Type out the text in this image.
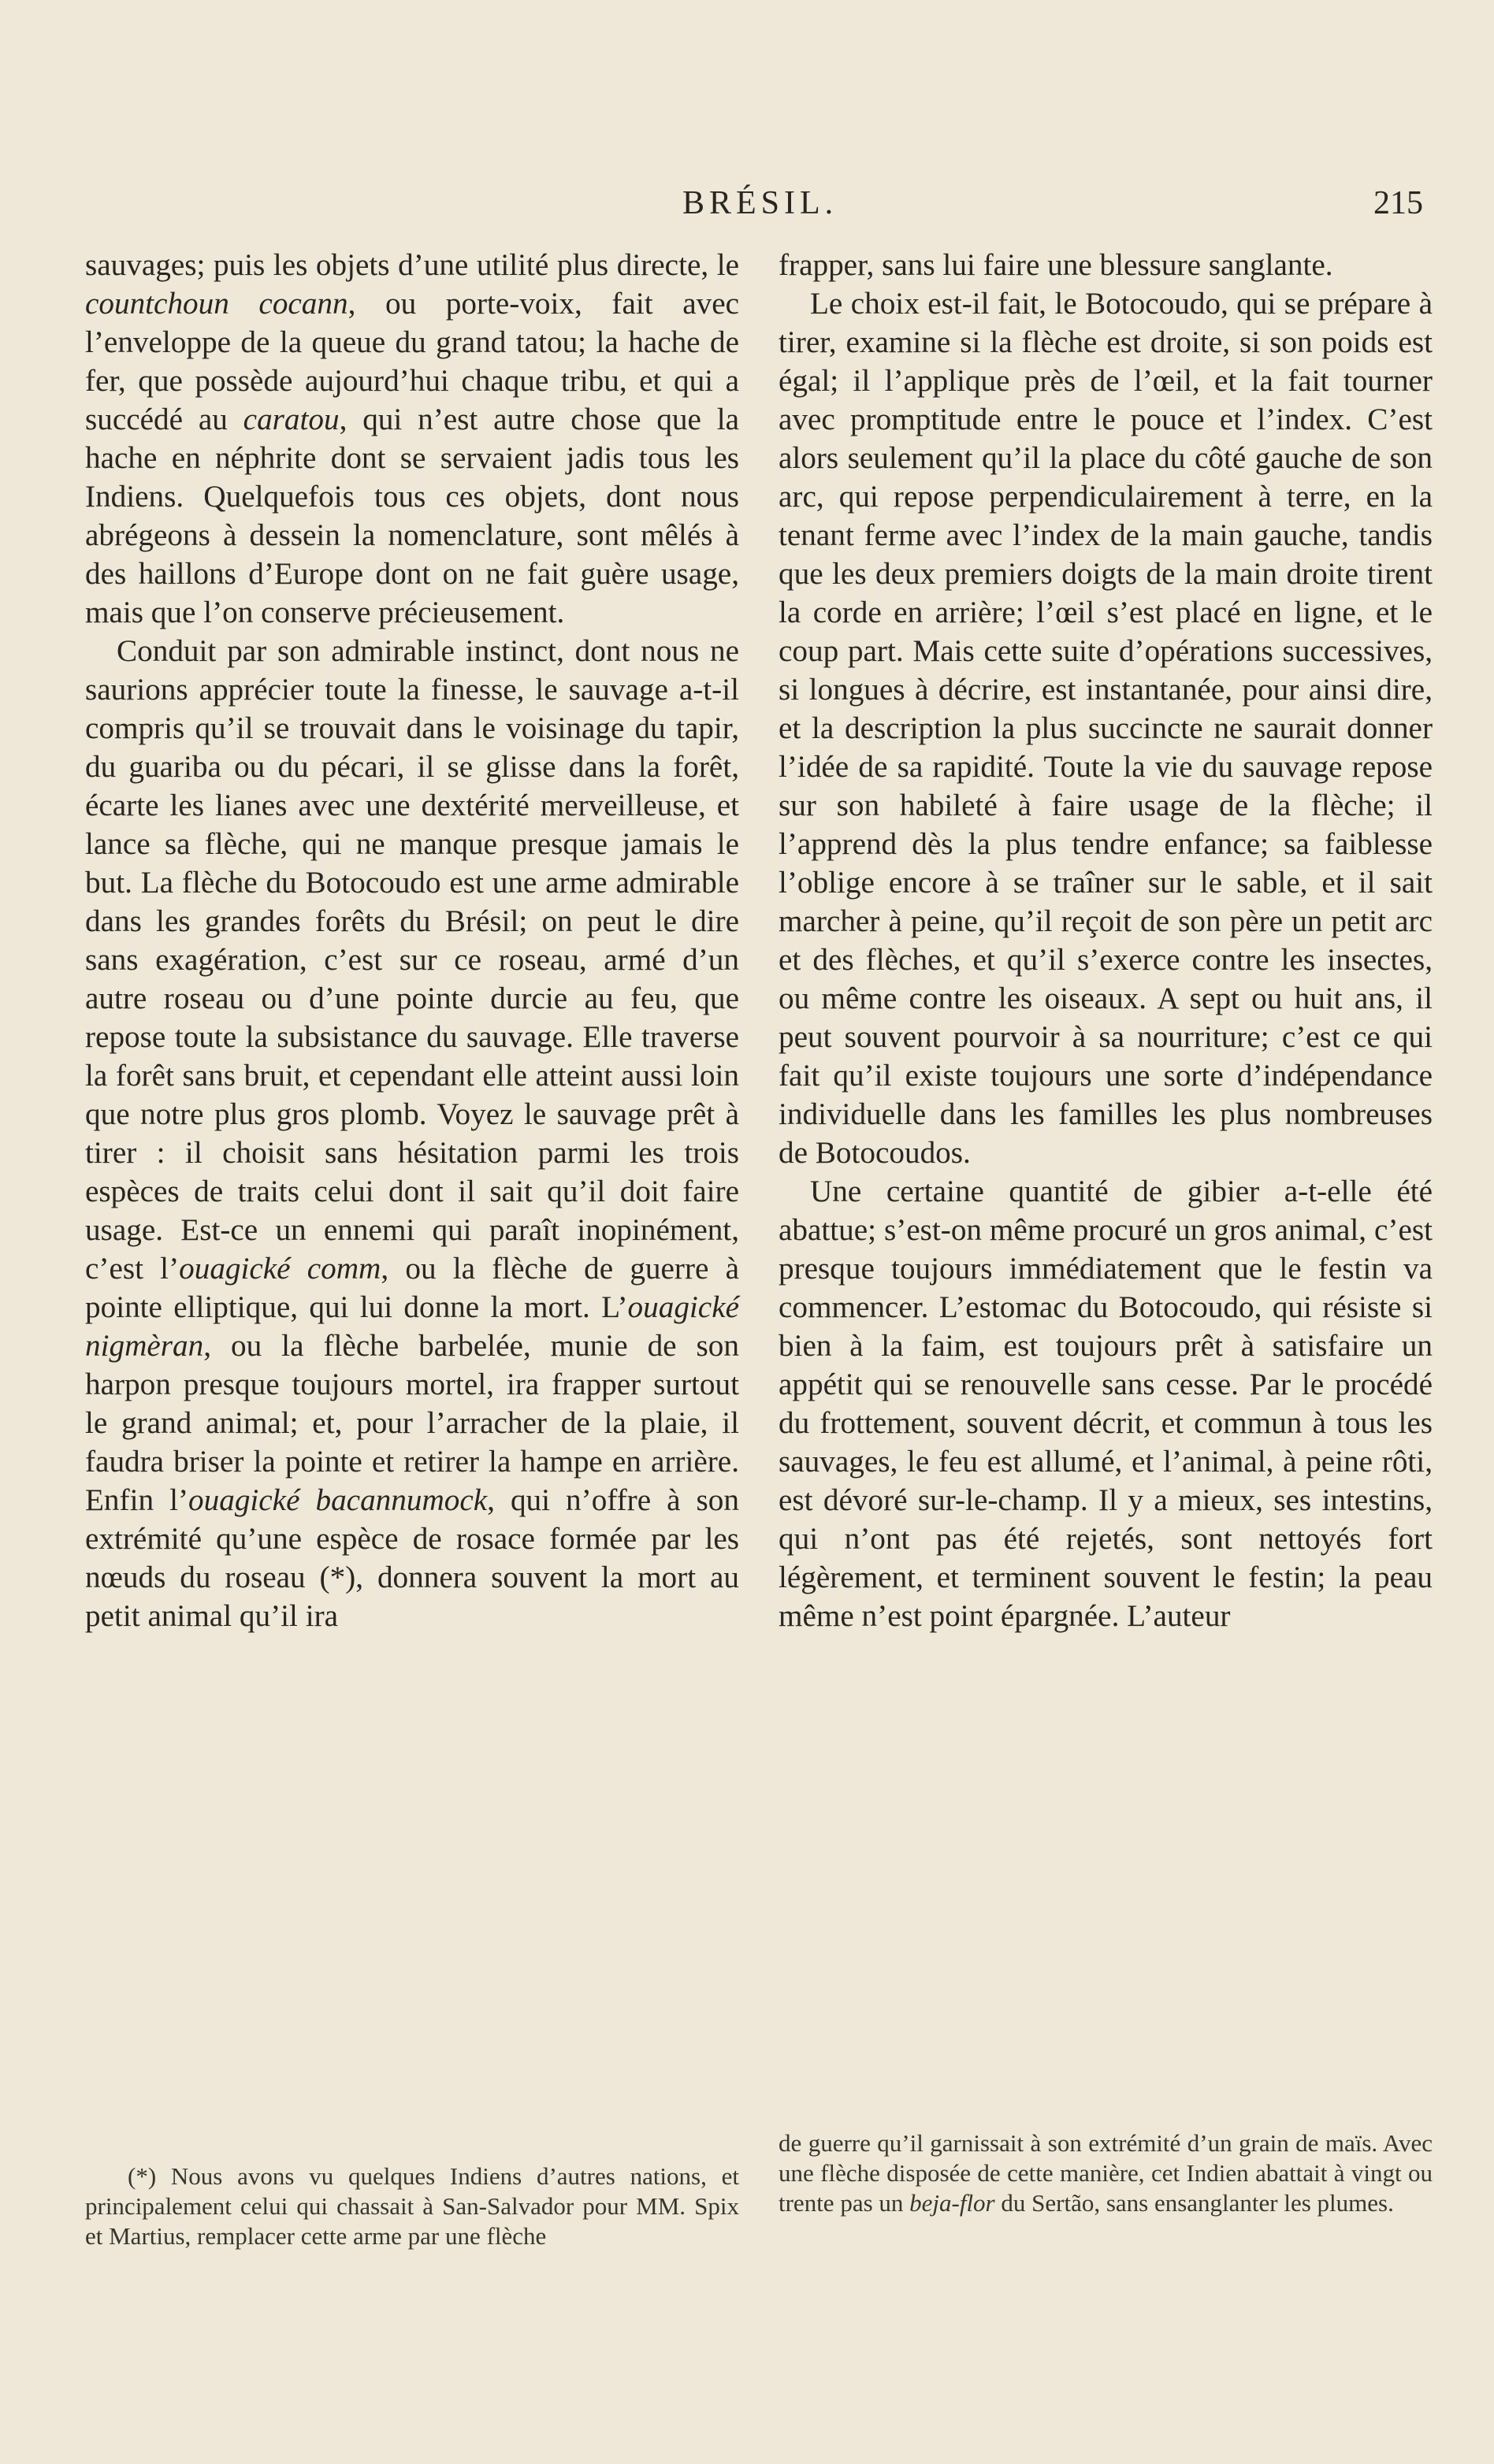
BRÉSIL.	215

sauvages; puis les objets d’une utilité plus directe, le countchoun cocann, ou porte-voix, fait avec l’enveloppe de la queue du grand tatou; la hache de fer, que possède aujourd’hui chaque tribu, et qui a succédé au caratou, qui n’est autre chose que la hache en néphrite dont se servaient jadis tous les Indiens. Quelquefois tous ces objets, dont nous abrégeons à dessein la nomenclature, sont mêlés à des haillons d’Europe dont on ne fait guère usage, mais que l’on conserve précieusement.

Conduit par son admirable instinct, dont nous ne saurions apprécier toute la finesse, le sauvage a-t-il compris qu’il se trouvait dans le voisinage du tapir, du guariba ou du pécari, il se glisse dans la forêt, écarte les lianes avec une dextérité merveilleuse, et lance sa flèche, qui ne manque presque jamais le but. La flèche du Botocoudo est une arme admirable dans les grandes forêts du Brésil; on peut le dire sans exagération, c’est sur ce roseau, armé d’un autre roseau ou d’une pointe durcie au feu, que repose toute la subsistance du sauvage. Elle traverse la forêt sans bruit, et cependant elle atteint aussi loin que notre plus gros plomb. Voyez le sauvage prêt à tirer : il choisit sans hésitation parmi les trois espèces de traits celui dont il sait qu’il doit faire usage. Est-ce un ennemi qui paraît inopinément, c’est l’ouagické comm, ou la flèche de guerre à pointe elliptique, qui lui donne la mort. L’ouagické nigmèran, ou la flèche barbelée, munie de son harpon presque toujours mortel, ira frapper surtout le grand animal; et, pour l’arracher de la plaie, il faudra briser la pointe et retirer la hampe en arrière. Enfin l’ouagické bacannumock, qui n’offre à son extrémité qu’une espèce de rosace formée par les nœuds du roseau (*), donnera souvent la mort au petit animal qu’il ira

frapper, sans lui faire une blessure sanglante.

Le choix est-il fait, le Botocoudo, qui se prépare à tirer, examine si la flèche est droite, si son poids est égal; il l’applique près de l’œil, et la fait tourner avec promptitude entre le pouce et l’index. C’est alors seulement qu’il la place du côté gauche de son arc, qui repose perpendiculairement à terre, en la tenant ferme avec l’index de la main gauche, tandis que les deux premiers doigts de la main droite tirent la corde en arrière; l’œil s’est placé en ligne, et le coup part. Mais cette suite d’opérations successives, si longues à décrire, est instantanée, pour ainsi dire, et la description la plus succincte ne saurait donner l’idée de sa rapidité. Toute la vie du sauvage repose sur son habileté à faire usage de la flèche; il l’apprend dès la plus tendre enfance; sa faiblesse l’oblige encore à se traîner sur le sable, et il sait marcher à peine, qu’il reçoit de son père un petit arc et des flèches, et qu’il s’exerce contre les insectes, ou même contre les oiseaux. A sept ou huit ans, il peut souvent pourvoir à sa nourriture; c’est ce qui fait qu’il existe toujours une sorte d’indépendance individuelle dans les familles les plus nombreuses de Botocoudos.

Une certaine quantité de gibier a-t-elle été abattue; s’est-on même procuré un gros animal, c’est presque toujours immédiatement que le festin va commencer. L’estomac du Botocoudo, qui résiste si bien à la faim, est toujours prêt à satisfaire un appétit qui se renouvelle sans cesse. Par le procédé du frottement, souvent décrit, et commun à tous les sauvages, le feu est allumé, et l’animal, à peine rôti, est dévoré sur-le-champ. Il y a mieux, ses intestins, qui n’ont pas été rejetés, sont nettoyés fort légèrement, et terminent souvent le festin; la peau même n’est point épargnée. L’auteur

(*) Nous avons vu quelques Indiens d’autres nations, et principalement celui qui chassait à San-Salvador pour MM. Spix et Martius, remplacer cette arme par une flèche

de guerre qu’il garnissait à son extrémité d’un grain de maïs. Avec une flèche disposée de cette manière, cet Indien abattait à vingt ou trente pas un beja-flor du Sertão, sans ensanglanter les plumes.
